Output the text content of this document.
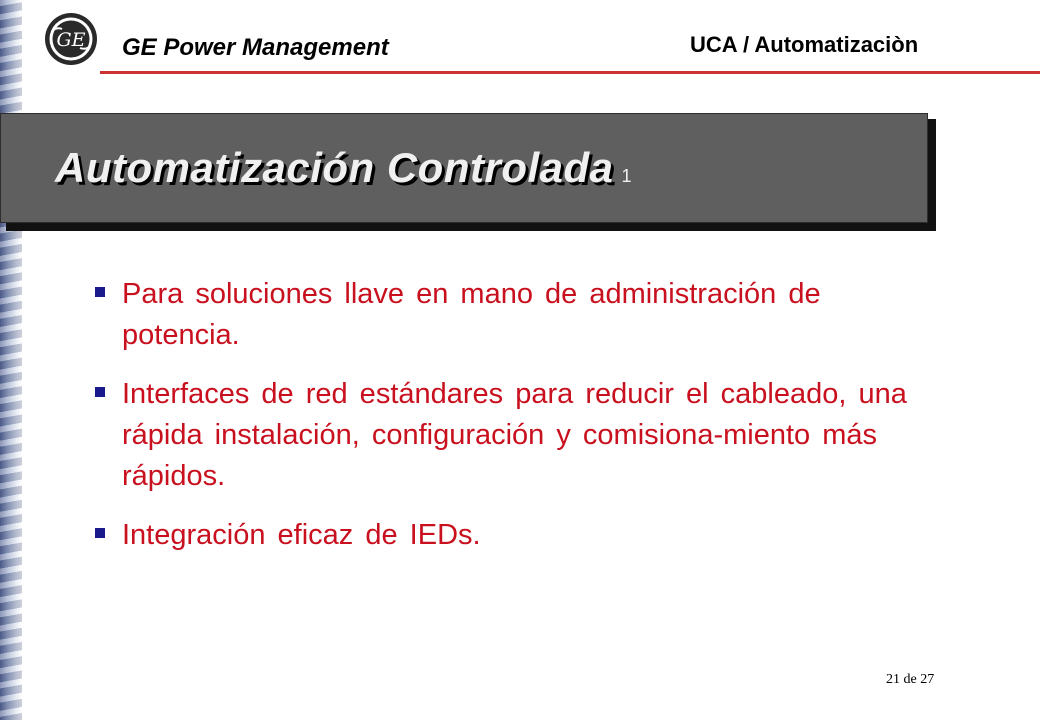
GE GE Power Management	UCA / Automatizaciòn

Automatización Controlada 1
Para soluciones llave en mano de administración de potencia.
Interfaces de red estándares para reducir el cableado, una rápida instalación, configuración y comisiona-miento más rápidos.
Integración eficaz de IEDs.

21 de 27
